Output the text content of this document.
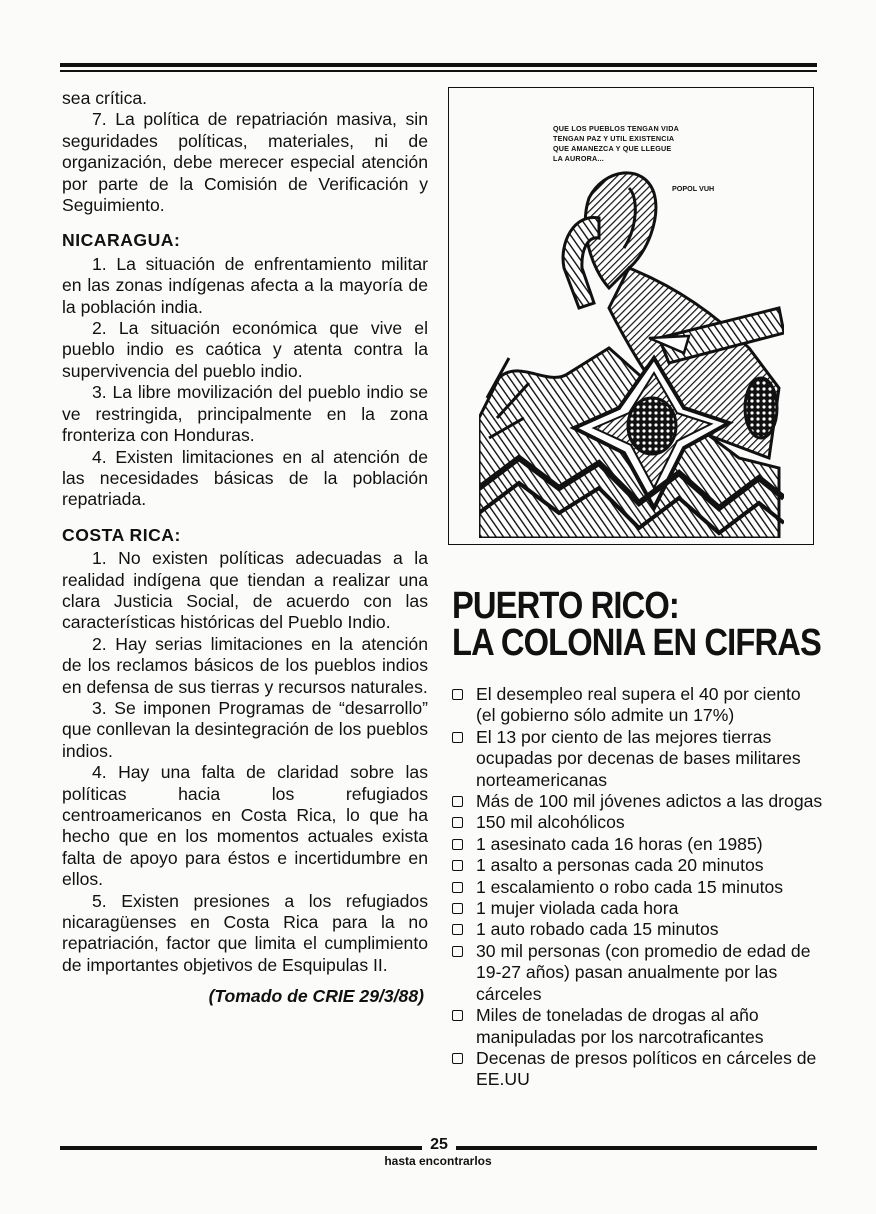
sea crítica.

7. La política de repatriación masiva, sin seguridades políticas, materiales, ni de organización, debe merecer especial atención por parte de la Comisión de Verificación y Seguimiento.

NICARAGUA:

1. La situación de enfrentamiento militar en las zonas indígenas afecta a la mayoría de la población india.

2. La situación económica que vive el pueblo indio es caótica y atenta contra la supervivencia del pueblo indio.

3. La libre movilización del pueblo indio se ve restringida, principalmente en la zona fronteriza con Honduras.

4. Existen limitaciones en al atención de las necesidades básicas de la población repatriada.

COSTA RICA:

1. No existen políticas adecuadas a la realidad indígena que tiendan a realizar una clara Justicia Social, de acuerdo con las características históricas del Pueblo Indio.

2. Hay serias limitaciones en la atención de los reclamos básicos de los pueblos indios en defensa de sus tierras y recursos naturales.

3. Se imponen Programas de “desarrollo” que conllevan la desintegración de los pueblos indios.

4. Hay una falta de claridad sobre las políticas hacia los refugiados centroamericanos en Costa Rica, lo que ha hecho que en los momentos actuales exista falta de apoyo para éstos e incertidumbre en ellos.

5. Existen presiones a los refugiados nicaragüenses en Costa Rica para la no repatriación, factor que limita el cumplimiento de importantes objetivos de Esquipulas II.

(Tomado de CRIE 29/3/88)

QUE LOS PUEBLOS TENGAN VIDA
TENGAN PAZ Y UTIL EXISTENCIA
QUE AMANEZCA Y QUE LLEGUE
LA AURORA...
POPOL VUH
PUERTO RICO:
LA COLONIA EN CIFRAS
El desempleo real supera el 40 por ciento (el gobierno sólo admite un 17%)
El 13 por ciento de las mejores tierras ocupadas por decenas de bases militares norteamericanas
Más de 100 mil jóvenes adictos a las drogas
150 mil alcohólicos
1 asesinato cada 16 horas (en 1985)
1 asalto a personas cada 20 minutos
1 escalamiento o robo cada 15 minutos
1 mujer violada cada hora
1 auto robado cada 15 minutos
30 mil personas (con promedio de edad de 19-27 años) pasan anualmente por las cárceles
Miles de toneladas de drogas al año manipuladas por los narcotraficantes
Decenas de presos políticos en cárceles de EE.UU
25
hasta encontrarlos
